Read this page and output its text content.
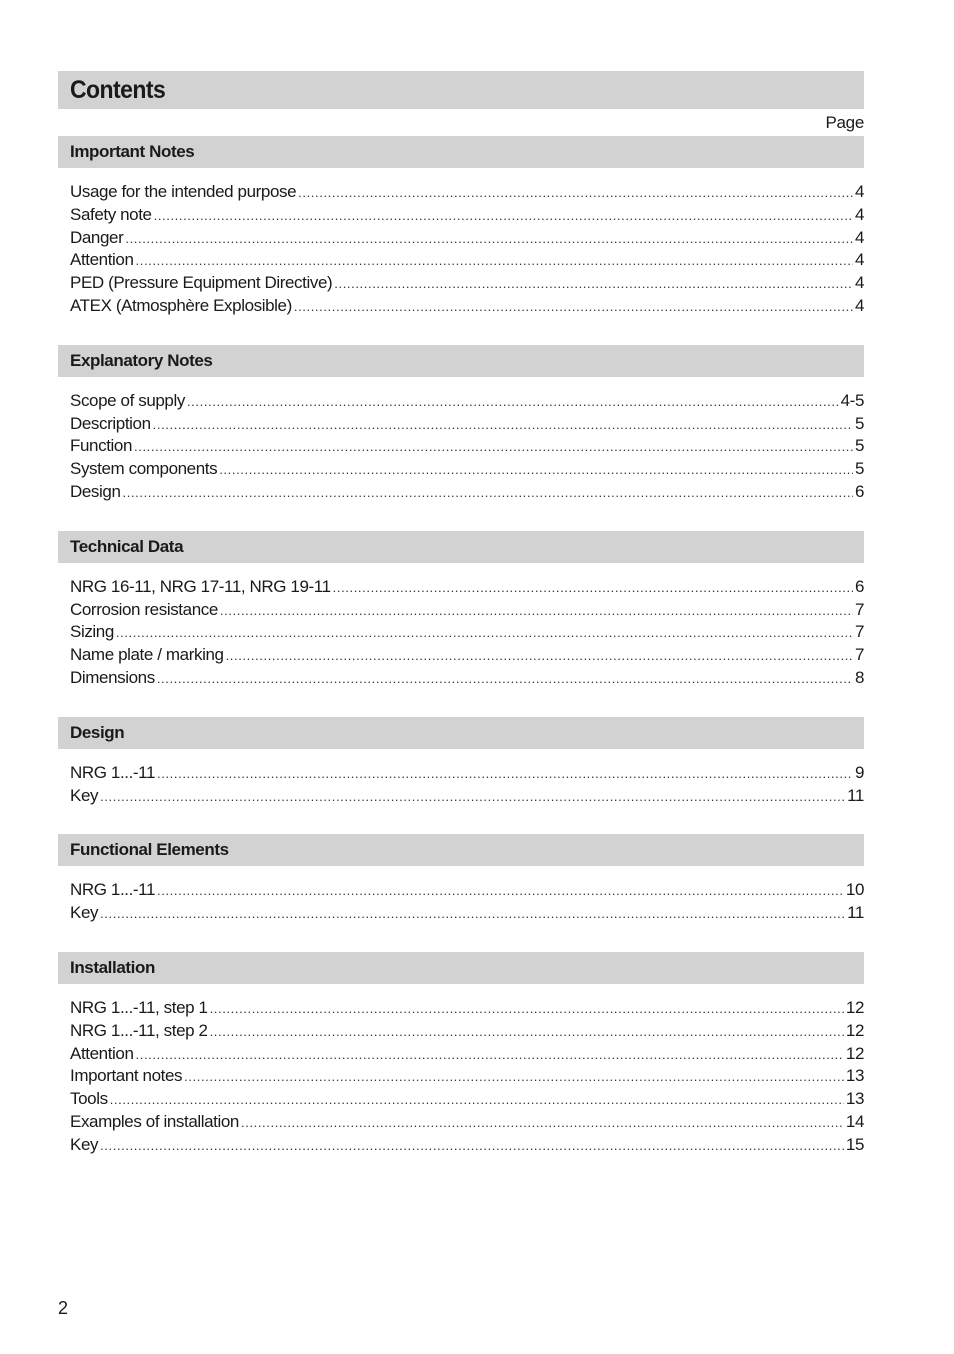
Contents
Page
Important Notes
Usage for the intended purpose .....	4
Safety note .....	4
Danger .....	4
Attention .....	4
PED (Pressure Equipment Directive) .....	4
ATEX (Atmosphère Explosible) .....	4
Explanatory Notes
Scope of supply .....	4-5
Description .....	5
Function .....	5
System components .....	5
Design .....	6
Technical Data
NRG 16-11, NRG 17-11, NRG 19-11 .....	6
Corrosion resistance .....	7
Sizing .....	7
Name plate / marking .....	7
Dimensions .....	8
Design
NRG 1...-11 .....	9
Key .....	11
Functional Elements
NRG 1...-11 .....	10
Key .....	11
Installation
NRG 1...-11, step 1 .....	12
NRG 1...-11, step 2 .....	12
Attention .....	12
Important notes .....	13
Tools .....	13
Examples of installation .....	14
Key .....	15
2
